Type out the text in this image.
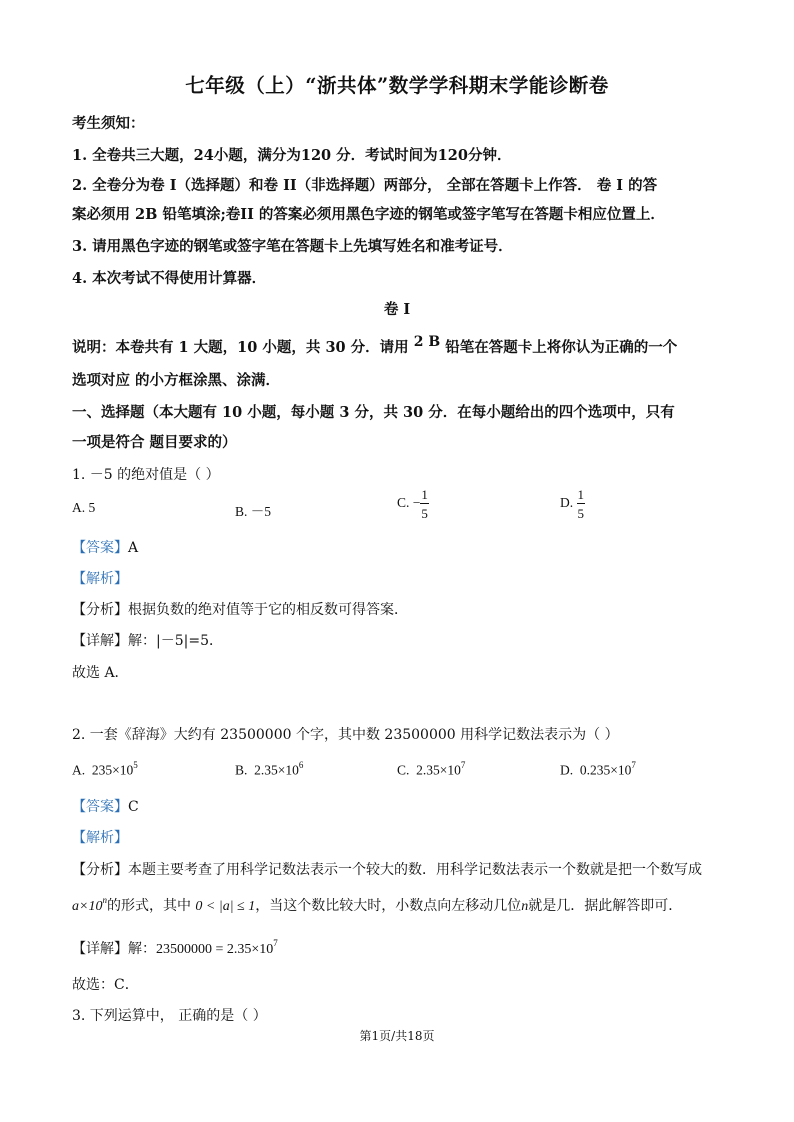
七年级（上）“浙共体”数学学科期末学能诊断卷
考生须知：
1. 全卷共三大题，24小题，满分为120 分．考试时间为120分钟．
2. 全卷分为卷 I（选择题）和卷 II（非选择题）两部分， 全部在答题卡上作答． 卷 I 的答
案必须用 2B 铅笔填涂;卷II 的答案必须用黑色字迹的钢笔或签字笔写在答题卡相应位置上．
3. 请用黑色字迹的钢笔或签字笔在答题卡上先填写姓名和准考证号．
4. 本次考试不得使用计算器．
卷 I
说明：本卷共有 1 大题，10 小题，共 30 分．请用 2 B 铅笔在答题卡上将你认为正确的一个
选项对应 的小方框涂黑、涂满．
一、选择题（本大题有 10 小题，每小题 3 分，共 30 分．在每小题给出的四个选项中，只有
一项是符合 题目要求的）
1. －5 的绝对值是（ ）
A. 5	B. －5
C. − $\frac{1}{5}$	D. $\frac{1}{5}$
【答案】A
【解析】
【分析】根据负数的绝对值等于它的相反数可得答案．
【详解】解：|－5|=5．
故选 A．
2. 一套《辞海》大约有 23500000 个字，其中数 23500000 用科学记数法表示为（ ）
A. $235\times 10^5$	B. $2.35\times 10^6$	C. $2.35\times 10^7$	D. $0.235\times 10^7$
【答案】C
【解析】
【分析】本题主要考查了用科学记数法表示一个较大的数．用科学记数法表示一个数就是把一个数写成
$a\times 10^n$的形式，其中 0 < |a| ≤ 1，当这个数比较大时，小数点向左移动几位n就是几．据此解答即可．
【详解】解：$23500000 = 2.35\times 10^7$
故选：C．
3. 下列运算中， 正确的是（ ）
第1页/共18页
